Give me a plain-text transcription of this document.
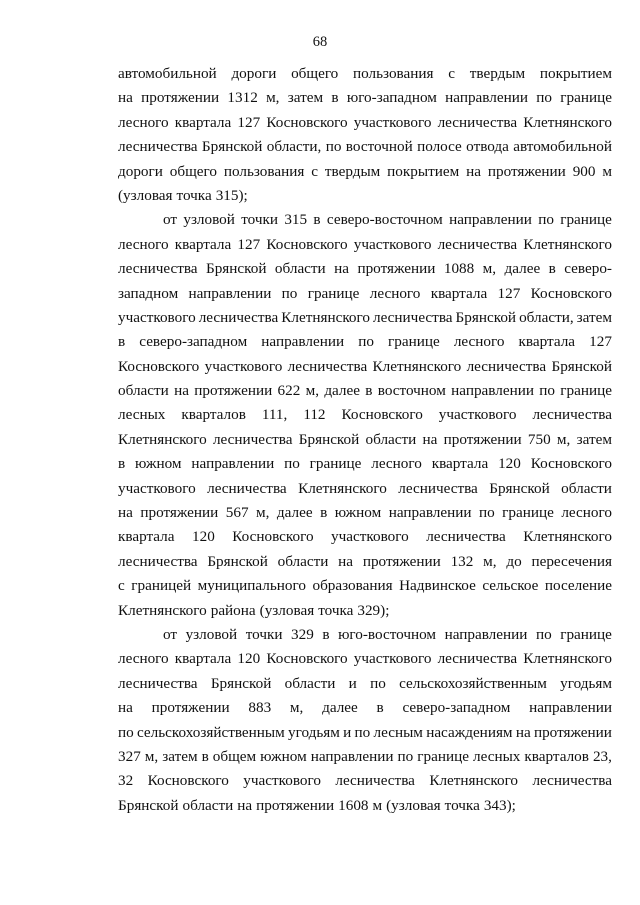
68
автомобильной дороги общего пользования с твердым покрытием
на протяжении 1312 м, затем в юго-западном направлении по границе
лесного квартала 127 Косновского участкового лесничества Клетнянского
лесничества Брянской области, по восточной полосе отвода автомобильной
дороги общего пользования с твердым покрытием на протяжении 900 м
(узловая точка 315);
от узловой точки 315 в северо-восточном направлении по границе
лесного квартала 127 Косновского участкового лесничества Клетнянского
лесничества Брянской области на протяжении 1088 м, далее в северо-
западном направлении по границе лесного квартала 127 Косновского
участкового лесничества Клетнянского лесничества Брянской области, затем
в северо-западном направлении по границе лесного квартала 127
Косновского участкового лесничества Клетнянского лесничества Брянской
области на протяжении 622 м, далее в восточном направлении по границе
лесных кварталов 111, 112 Косновского участкового лесничества
Клетнянского лесничества Брянской области на протяжении 750 м, затем
в южном направлении по границе лесного квартала 120 Косновского
участкового лесничества Клетнянского лесничества Брянской области
на протяжении 567 м, далее в южном направлении по границе лесного
квартала 120 Косновского участкового лесничества Клетнянского
лесничества Брянской области на протяжении 132 м, до пересечения
с границей муниципального образования Надвинское сельское поселение
Клетнянского района (узловая точка 329);
от узловой точки 329 в юго-восточном направлении по границе
лесного квартала 120 Косновского участкового лесничества Клетнянского
лесничества Брянской области и по сельскохозяйственным угодьям
на протяжении 883 м, далее в северо-западном направлении
по сельскохозяйственным угодьям и по лесным насаждениям на протяжении
327 м, затем в общем южном направлении по границе лесных кварталов 23,
32 Косновского участкового лесничества Клетнянского лесничества
Брянской области на протяжении 1608 м (узловая точка 343);
